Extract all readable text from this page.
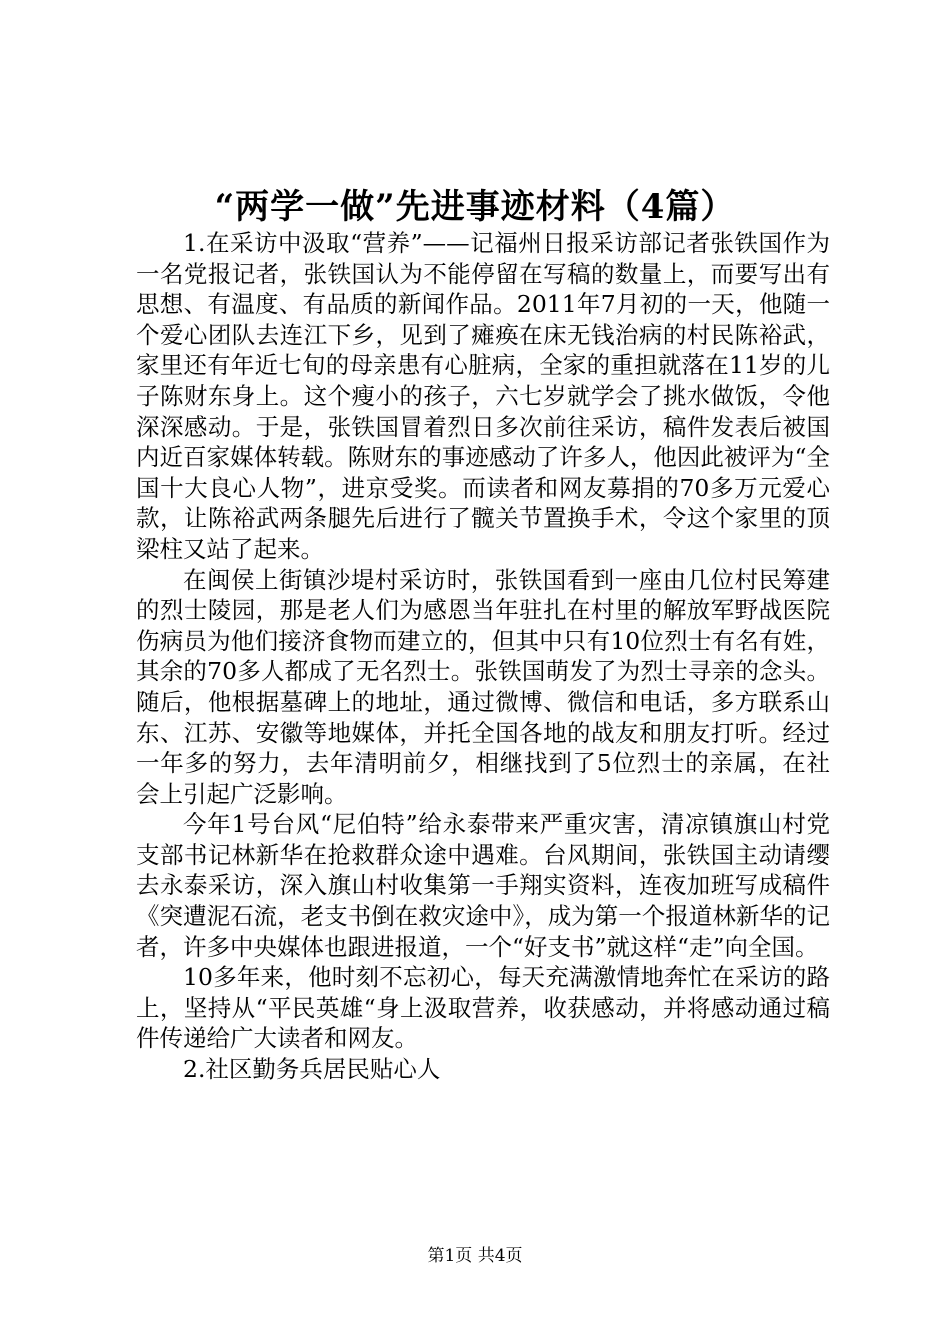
“两学一做”先进事迹材料（4篇）

1.在采访中汲取“营养”——记福州日报采访部记者张铁国作为一名党报记者，张铁国认为不能停留在写稿的数量上，而要写出有思想、有温度、有品质的新闻作品。2011年7月初的一天，他随一个爱心团队去连江下乡，见到了瘫痪在床无钱治病的村民陈裕武，家里还有年近七旬的母亲患有心脏病，全家的重担就落在11岁的儿子陈财东身上。这个瘦小的孩子，六七岁就学会了挑水做饭，令他深深感动。于是，张铁国冒着烈日多次前往采访，稿件发表后被国内近百家媒体转载。陈财东的事迹感动了许多人，他因此被评为“全国十大良心人物”，进京受奖。而读者和网友募捐的70多万元爱心款，让陈裕武两条腿先后进行了髋关节置换手术，令这个家里的顶梁柱又站了起来。

在闽侯上街镇沙堤村采访时，张铁国看到一座由几位村民筹建的烈士陵园，那是老人们为感恩当年驻扎在村里的解放军野战医院伤病员为他们接济食物而建立的，但其中只有10位烈士有名有姓，其余的70多人都成了无名烈士。张铁国萌发了为烈士寻亲的念头。随后，他根据墓碑上的地址，通过微博、微信和电话，多方联系山东、江苏、安徽等地媒体，并托全国各地的战友和朋友打听。经过一年多的努力，去年清明前夕，相继找到了5位烈士的亲属，在社会上引起广泛影响。

今年1号台风“尼伯特”给永泰带来严重灾害，清凉镇旗山村党支部书记林新华在抢救群众途中遇难。台风期间，张铁国主动请缨去永泰采访，深入旗山村收集第一手翔实资料，连夜加班写成稿件《突遭泥石流，老支书倒在救灾途中》，成为第一个报道林新华的记者，许多中央媒体也跟进报道，一个“好支书”就这样“走”向全国。

10多年来，他时刻不忘初心，每天充满激情地奔忙在采访的路上，坚持从“平民英雄“身上汲取营养，收获感动，并将感动通过稿件传递给广大读者和网友。

2.社区勤务兵居民贴心人

第1页 共4页
